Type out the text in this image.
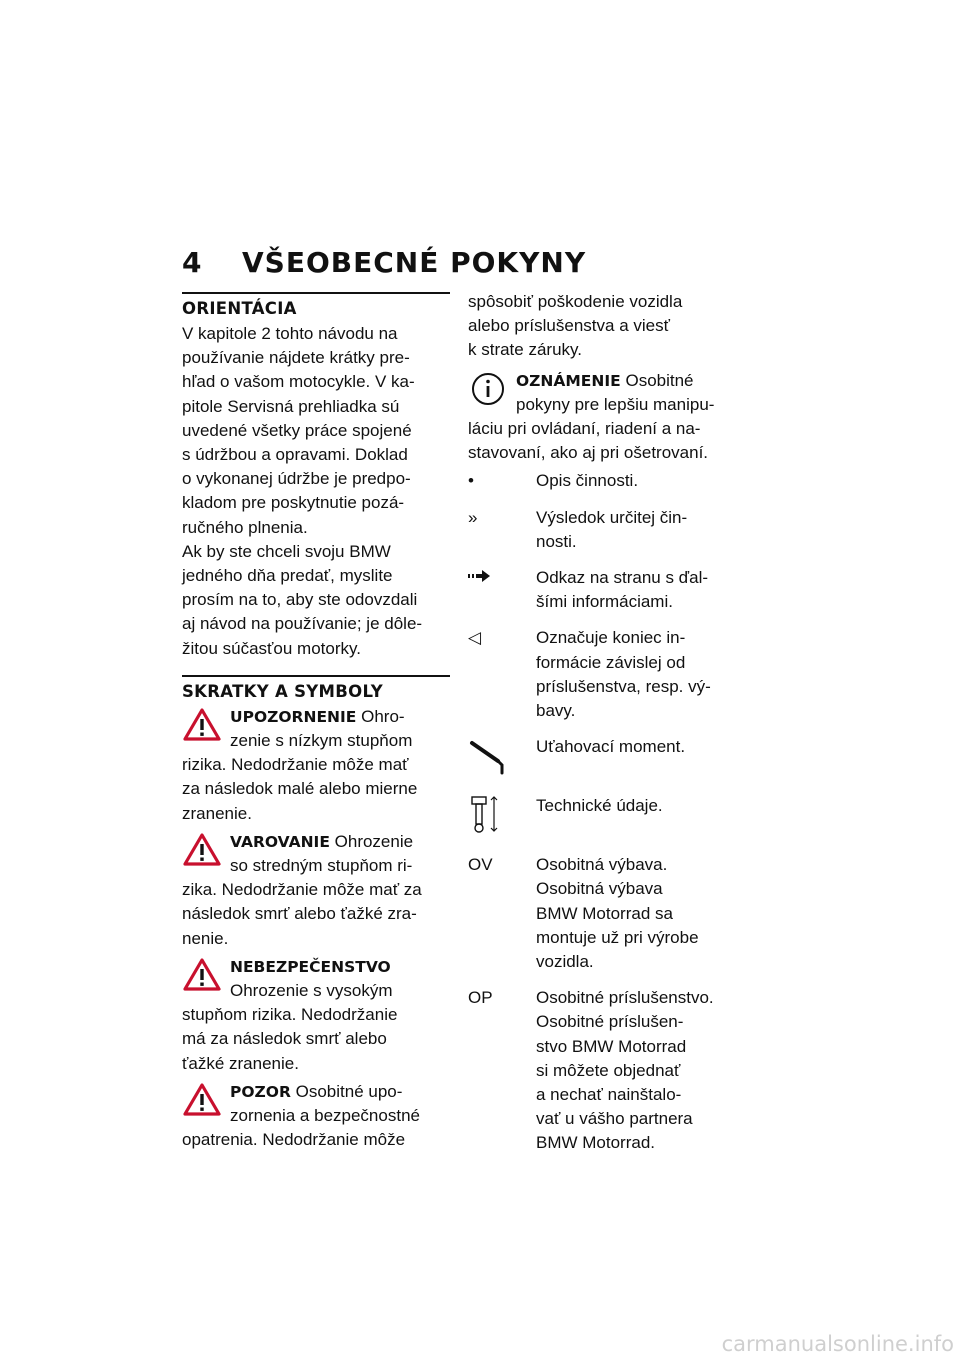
4 VŠEOBECNÉ POKYNY
ORIENTÁCIA
V kapitole 2 tohto návodu na
používanie nájdete krátky pre-
hľad o vašom motocykle. V ka-
pitole Servisná prehliadka sú
uvedené všetky práce spojené
s údržbou a opravami. Doklad
o vykonanej údržbe je predpo-
kladom pre poskytnutie pozá-
ručného plnenia.
Ak by ste chceli svoju BMW
jedného dňa predať, myslite
prosím na to, aby ste odovzdali
aj návod na používanie; je dôle-
žitou súčasťou motorky.
SKRATKY A SYMBOLY
UPOZORNENIE Ohro-
zenie s nízkym stupňom
rizika. Nedodržanie môže mať
za následok malé alebo mierne
zranenie.
VAROVANIE Ohrozenie
so stredným stupňom ri-
zika. Nedodržanie môže mať za
následok smrť alebo ťažké zra-
nenie.
NEBEZPEČENSTVO Ohrozenie s vysokým
stupňom rizika. Nedodržanie
má za následok smrť alebo
ťažké zranenie.
POZOR Osobitné upo-
zornenia a bezpečnostné
opatrenia. Nedodržanie môže
spôsobiť poškodenie vozidla
alebo príslušenstva a viesť
k strate záruky.
OZNÁMENIE Osobitné
pokyny pre lepšiu manipu-
láciu pri ovládaní, riadení a na-
stavovaní, ako aj pri ošetrovaní.
•	Opis činnosti.
»	Výsledok určitej čin-
nosti.
Odkaz na stranu s ďal-
šími informáciami.
◁	Označuje koniec in-
formácie závislej od
príslušenstva, resp. vý-
bavy.
Uťahovací moment.
Technické údaje.
OV	Osobitná výbava.
Osobitná výbava
BMW Motorrad sa
montuje už pri výrobe
vozidla.
OP	Osobitné príslušenstvo.
Osobitné príslušen-
stvo BMW Motorrad
si môžete objednať
a nechať nainštalo-
vať u vášho partnera
BMW Motorrad.
carmanualsonline.info
